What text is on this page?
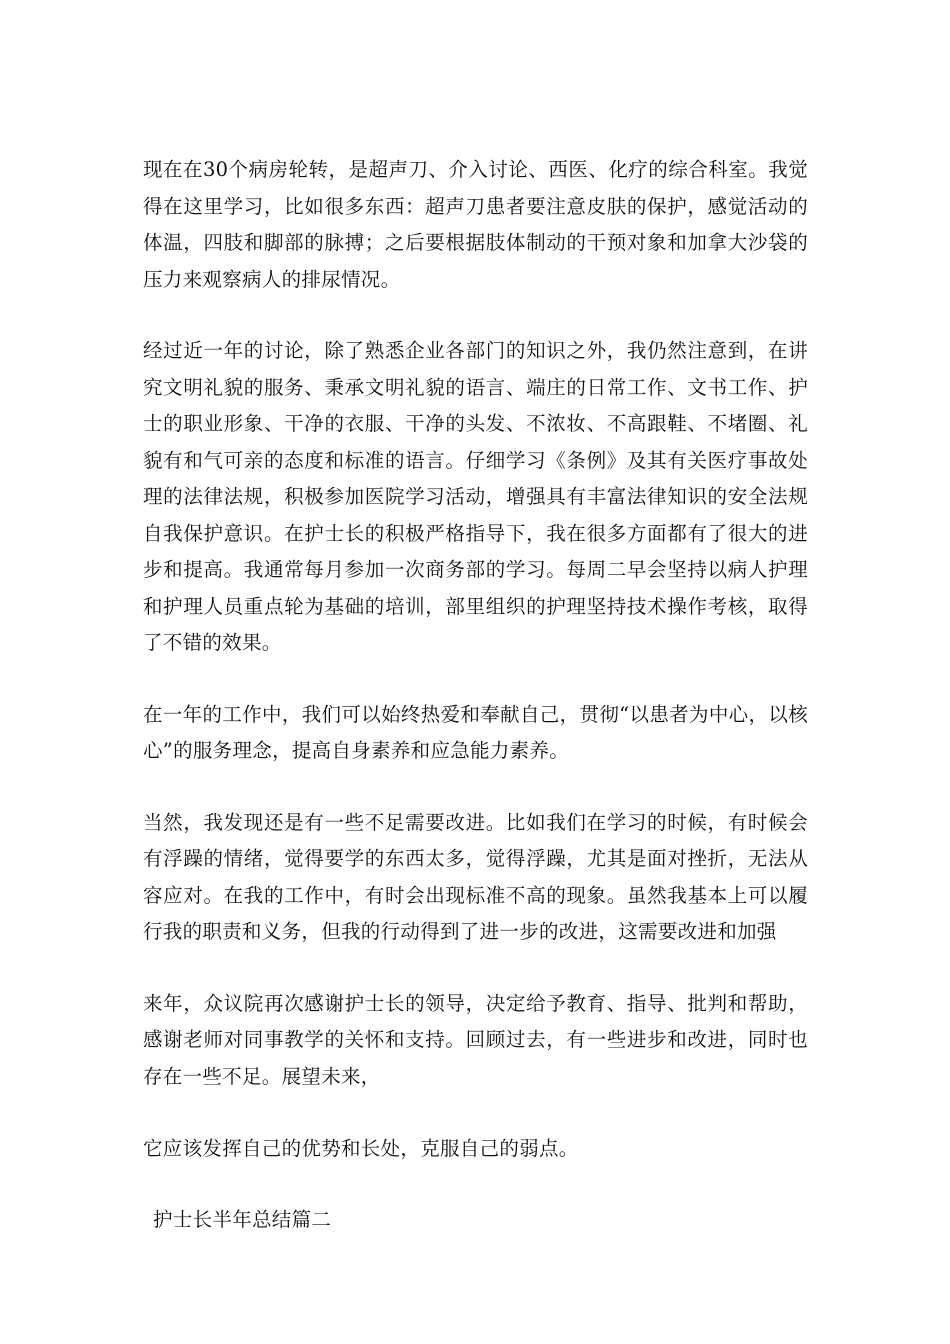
现在在30个病房轮转，是超声刀、介入讨论、西医、化疗的综合科室。我觉得在这里学习，比如很多东西：超声刀患者要注意皮肤的保护，感觉活动的体温，四肢和脚部的脉搏；之后要根据肢体制动的干预对象和加拿大沙袋的压力来观察病人的排尿情况。

经过近一年的讨论，除了熟悉企业各部门的知识之外，我仍然注意到，在讲究文明礼貌的服务、秉承文明礼貌的语言、端庄的日常工作、文书工作、护士的职业形象、干净的衣服、干净的头发、不浓妆、不高跟鞋、不堵圈、礼貌有和气可亲的态度和标准的语言。仔细学习《条例》及其有关医疗事故处理的法律法规，积极参加医院学习活动，增强具有丰富法律知识的安全法规自我保护意识。在护士长的积极严格指导下，我在很多方面都有了很大的进步和提高。我通常每月参加一次商务部的学习。每周二早会坚持以病人护理和护理人员重点轮为基础的培训，部里组织的护理坚持技术操作考核，取得了不错的效果。

在一年的工作中，我们可以始终热爱和奉献自己，贯彻“以患者为中心，以核心”的服务理念，提高自身素养和应急能力素养。

当然，我发现还是有一些不足需要改进。比如我们在学习的时候，有时候会有浮躁的情绪，觉得要学的东西太多，觉得浮躁，尤其是面对挫折，无法从容应对。在我的工作中，有时会出现标准不高的现象。虽然我基本上可以履行我的职责和义务，但我的行动得到了进一步的改进，这需要改进和加强

来年，众议院再次感谢护士长的领导，决定给予教育、指导、批判和帮助，感谢老师对同事教学的关怀和支持。回顾过去，有一些进步和改进，同时也存在一些不足。展望未来，

它应该发挥自己的优势和长处，克服自己的弱点。

护士长半年总结篇二
